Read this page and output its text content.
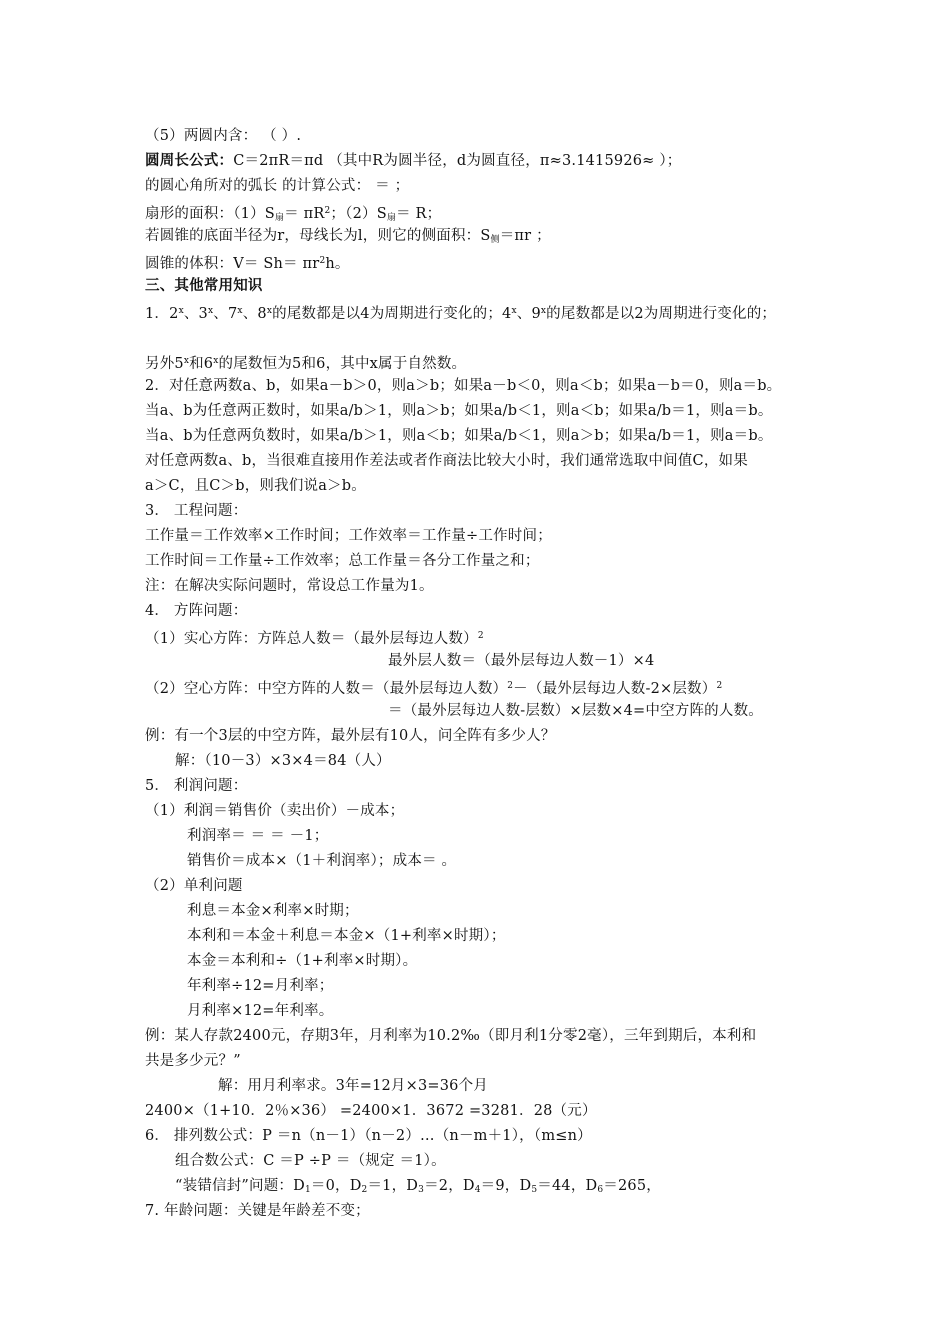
（5）两圆内含： （ ）.
圆周长公式：C＝2πR＝πd （其中R为圆半径，d为圆直径，π≈3.1415926≈ ）；
的圆心角所对的弧长 的计算公式： ＝ ；
扇形的面积：$(1)S_扇= \pi R^2$；$(2)S_扇= R$；
若圆锥的底面半径为r，母线长为l，则它的侧面积：$S_侧=\pi r$ ；
圆锥的体积：$V= Sh= \pi r^2h$。
三、其他常用知识
1．2$^x$、3$^x$、7$^x$、8$^x$的尾数都是以4为周期进行变化的；4$^x$、9$^x$的尾数都是以2为周期进行变化的；
另外5$^x$和6$^x$的尾数恒为5和6，其中x属于自然数。
2．对任意两数a、b，如果a－b＞0，则a＞b；如果a－b＜0，则a＜b；如果a－b＝0，则a＝b。
当a、b为任意两正数时，如果a/b＞1，则a＞b；如果a/b＜1，则a＜b；如果a/b＝1，则a＝b。
当a、b为任意两负数时，如果a/b＞1，则a＜b；如果a/b＜1，则a＞b；如果a/b＝1，则a＝b。
对任意两数a、b，当很难直接用作差法或者作商法比较大小时，我们通常选取中间值C，如果
a＞C，且C＞b，则我们说a＞b。
3． 工程问题：
工作量＝工作效率×工作时间；工作效率＝工作量÷工作时间；
工作时间＝工作量÷工作效率；总工作量＝各分工作量之和；
注：在解决实际问题时，常设总工作量为1。
4． 方阵问题：
（1）实心方阵：方阵总人数＝（最外层每边人数）$^2$
最外层人数＝（最外层每边人数－1）×4
（2）空心方阵：中空方阵的人数＝（最外层每边人数）$^2$－（最外层每边人数-2×层数）$^2$
＝（最外层每边人数-层数）×层数×4=中空方阵的人数。
例：有一个3层的中空方阵，最外层有10人，问全阵有多少人？
解：（10－3）×3×4＝84（人）
5． 利润问题：
（1）利润＝销售价（卖出价）－成本；
利润率＝ ＝ ＝ －1；
销售价＝成本×（1＋利润率）；成本＝ 。
（2）单利问题
利息＝本金×利率×时期；
本利和＝本金＋利息＝本金×（1+利率×时期）；
本金＝本利和÷（1+利率×时期）。
年利率÷12=月利率；
月利率×12=年利率。
例：某人存款2400元，存期3年，月利率为10.2‰（即月利1分零2毫），三年到期后，本利和
共是多少元？”
解：用月利率求。3年=12月×3=36个月
2400×（1+10．2％×36） =2400×1．3672 =3281．28（元）
6． 排列数公式：P ＝n（n－1）（n－2）…（n－m＋1），（m≤n）
组合数公式：C ＝P ÷P ＝（规定 ＝1）。
“装错信封”问题：$D_1=0$，$D_2=1$，$D_3=2$，$D_4=9$，$D_5=44$，$D_6=265$，
7. 年龄问题：关键是年龄差不变；
